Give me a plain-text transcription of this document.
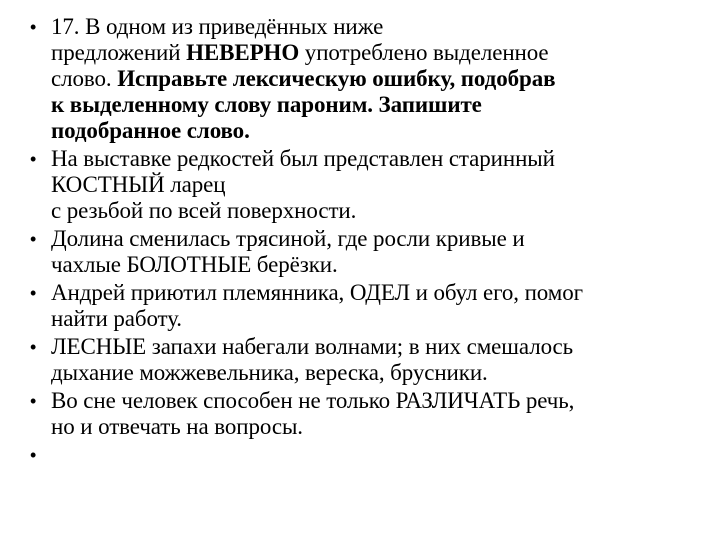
• 17. В одном из приведённых ниже
предложений НЕВЕРНО употреблено выделенное
слово. Исправьте лексическую ошибку, подобрав
к выделенному слову пароним. Запишите
подобранное слово.
• На выставке редкостей был представлен старинный
КОСТНЫЙ ларец
с резьбой по всей поверхности.
• Долина сменилась трясиной, где росли кривые и
чахлые БОЛОТНЫЕ берёзки.
• Андрей приютил племянника, ОДЕЛ и обул его, помог
найти работу.
• ЛЕСНЫЕ запахи набегали волнами; в них смешалось
дыхание можжевельника, вереска, брусники.
• Во сне человек способен не только РАЗЛИЧАТЬ речь,
но и отвечать на вопросы.
•
